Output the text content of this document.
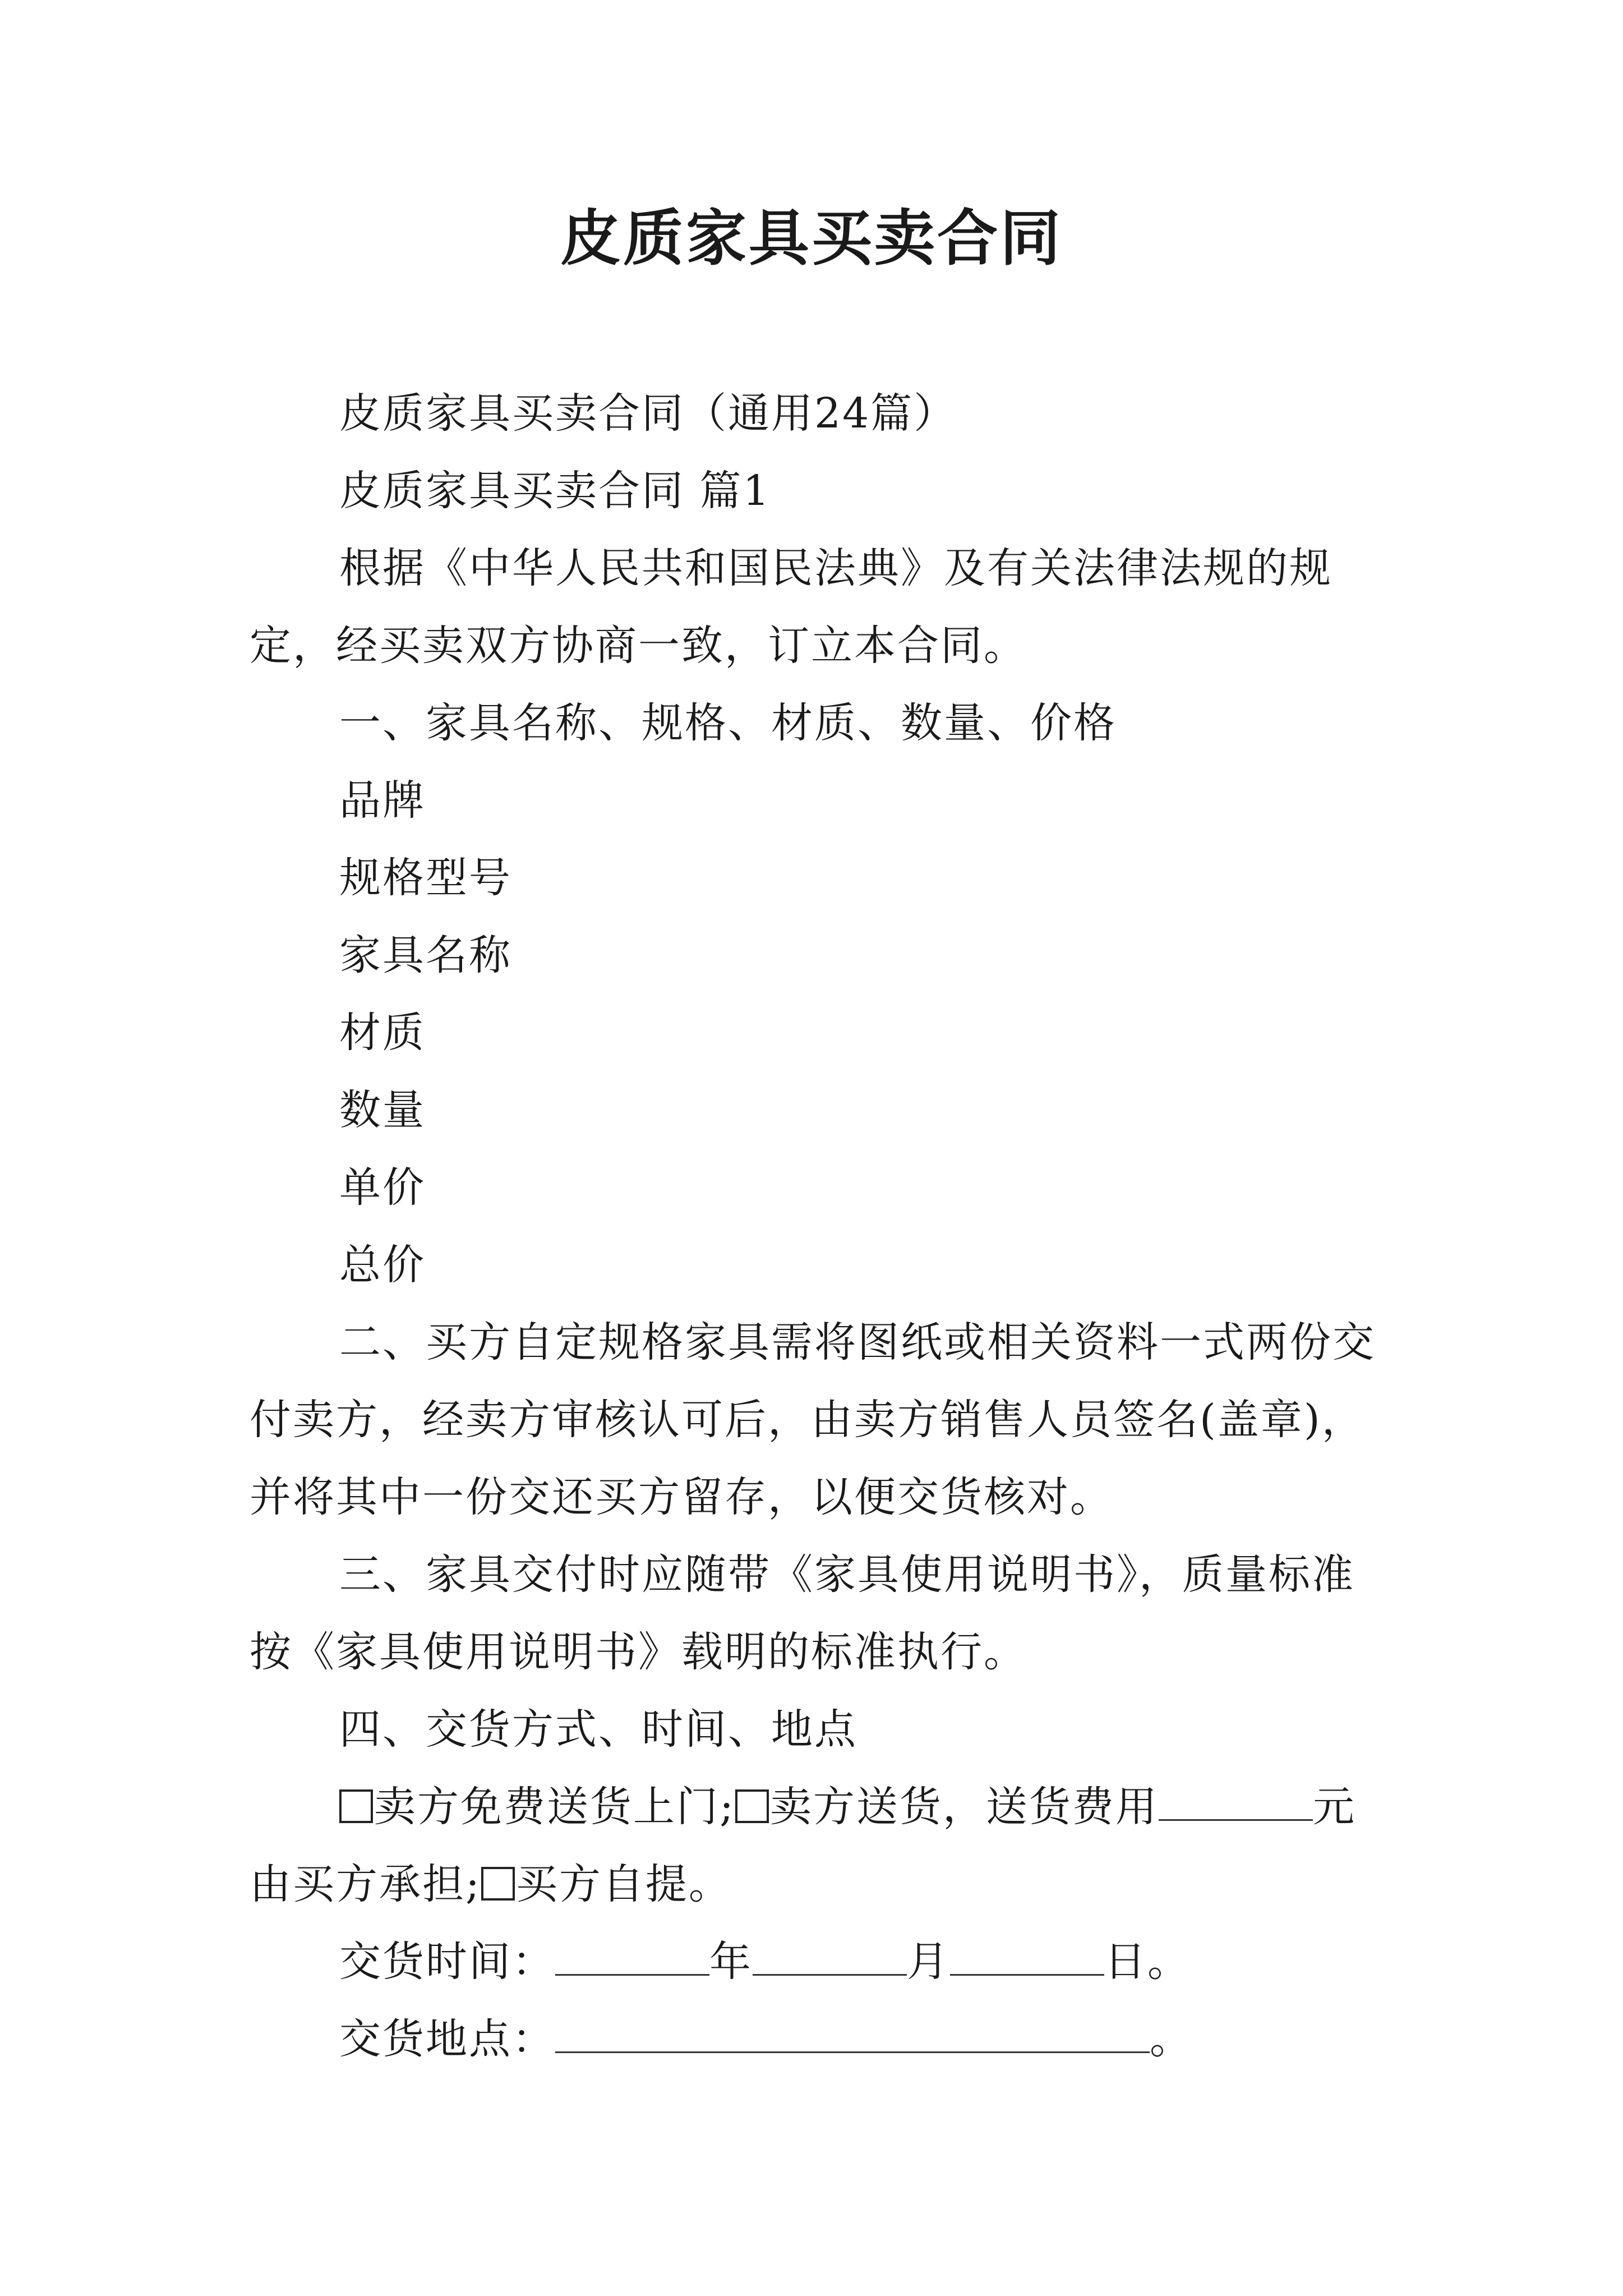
皮质家具买卖合同

皮质家具买卖合同（通用24篇）

皮质家具买卖合同 篇1

根据《中华人民共和国民法典》及有关法律法规的规定，经买卖双方协商一致，订立本合同。

一、家具名称、规格、材质、数量、价格

品牌

规格型号

家具名称

材质

数量

单价

总价

二、买方自定规格家具需将图纸或相关资料一式两份交付卖方，经卖方审核认可后，由卖方销售人员签名(盖章)，并将其中一份交还买方留存，以便交货核对。

三、家具交付时应随带《家具使用说明书》，质量标准按《家具使用说明书》载明的标准执行。

四、交货方式、时间、地点

卖方免费送货上门; 卖方送货，送货费用	元由买方承担; 买方自提。

交货时间：	年	月	日。

交货地点：	。
